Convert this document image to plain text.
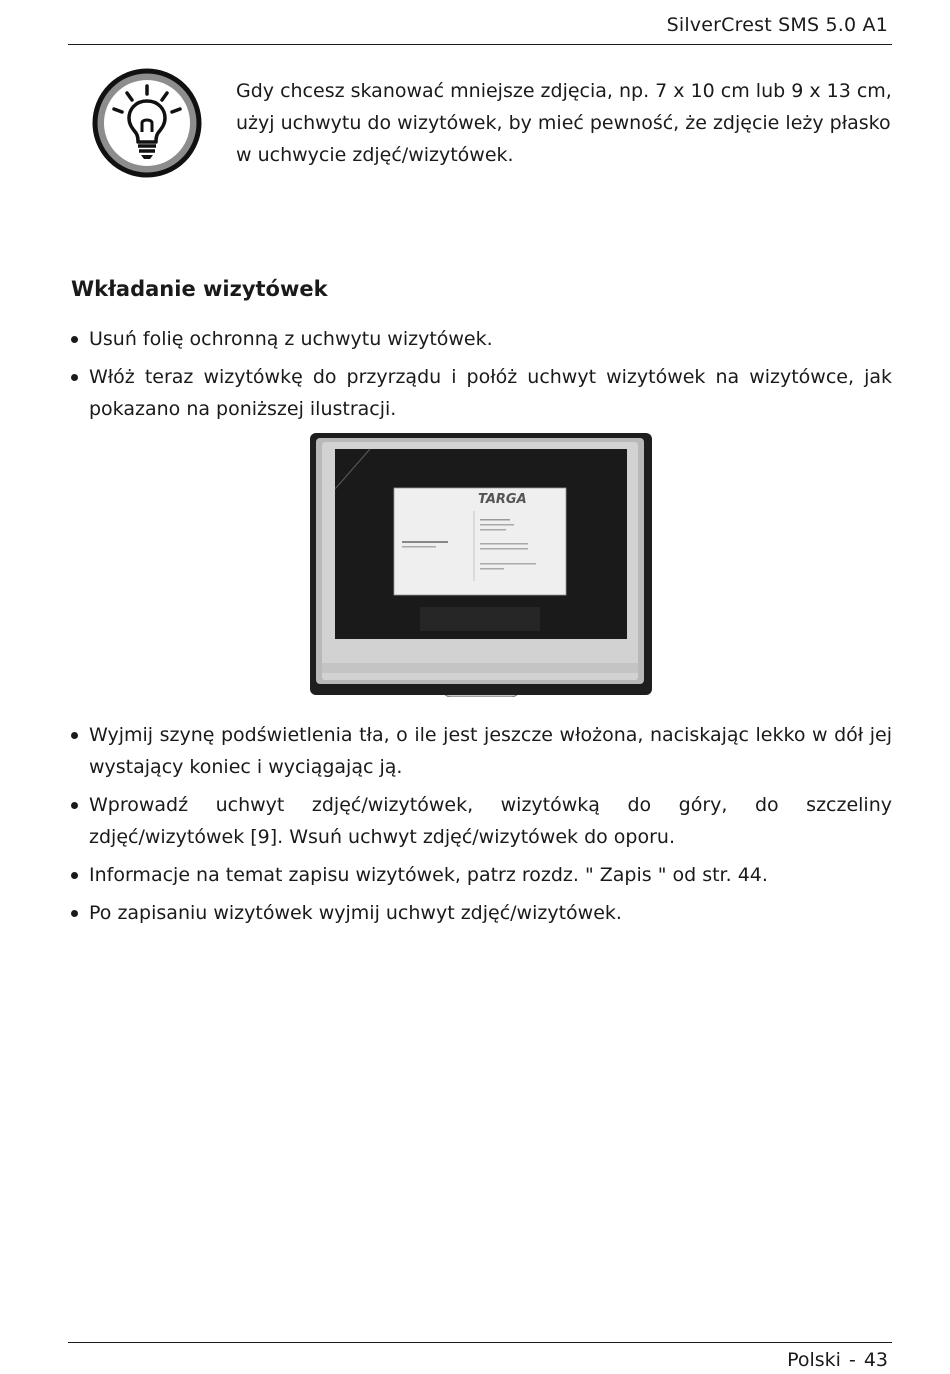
SilverCrest SMS 5.0 A1
Gdy chcesz skanować mniejsze zdjęcia, np. 7 x 10 cm lub 9 x 13 cm, użyj uchwytu do wizytówek, by mieć pewność, że zdjęcie leży płasko w uchwycie zdjęć/wizytówek.
Wkładanie wizytówek
Usuń folię ochronną z uchwytu wizytówek.
Włóż teraz wizytówkę do przyrządu i połóż uchwyt wizytówek na wizytówce, jak pokazano na poniższej ilustracji.
TARGA
Wyjmij szynę podświetlenia tła, o ile jest jeszcze włożona, naciskając lekko w dół jej wystający koniec i wyciągając ją.
Wprowadź uchwyt zdjęć/wizytówek, wizytówką do góry, do szczeliny zdjęć/wizytówek [9]. Wsuń uchwyt zdjęć/wizytówek do oporu.
Informacje na temat zapisu wizytówek, patrz rozdz. " Zapis " od str. 44.
Po zapisaniu wizytówek wyjmij uchwyt zdjęć/wizytówek.
Polski - 43
